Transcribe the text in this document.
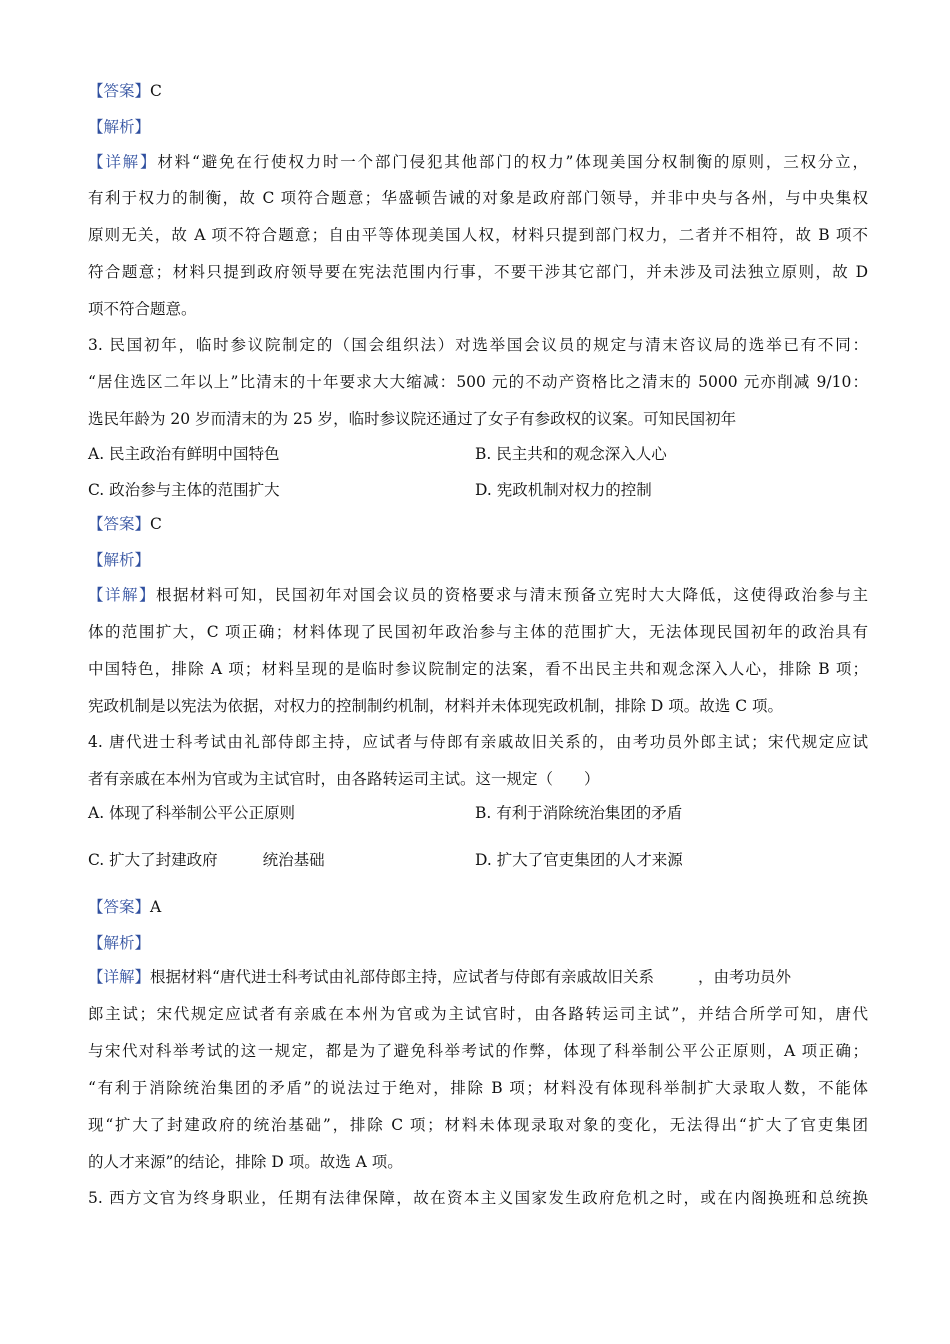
【答案】C
【解析】
【详解】材料“避免在行使权力时一个部门侵犯其他部门的权力”体现美国分权制衡的原则，三权分立，
有利于权力的制衡，故 C 项符合题意；华盛顿告诫的对象是政府部门领导，并非中央与各州，与中央集权
原则无关，故 A 项不符合题意；自由平等体现美国人权，材料只提到部门权力，二者并不相符，故 B 项不
符合题意；材料只提到政府领导要在宪法范围内行事，不要干涉其它部门，并未涉及司法独立原则，故 D
项不符合题意。
3. 民国初年，临时参议院制定的（国会组织法）对选举国会议员的规定与清末咨议局的选举已有不同：
“居住选区二年以上”比清末的十年要求大大缩减：500 元的不动产资格比之清末的 5000 元亦削减 9/10：
选民年龄为 20 岁而清末的为 25 岁，临时参议院还通过了女子有参政权的议案。可知民国初年
A. 民主政治有鲜明中国特色	B. 民主共和的观念深入人心
C. 政治参与主体的范围扩大	D. 宪政机制对权力的控制
【答案】C
【解析】
【详解】根据材料可知，民国初年对国会议员的资格要求与清末预备立宪时大大降低，这使得政治参与主
体的范围扩大，C 项正确；材料体现了民国初年政治参与主体的范围扩大，无法体现民国初年的政治具有
中国特色，排除 A 项；材料呈现的是临时参议院制定的法案，看不出民主共和观念深入人心，排除 B 项；
宪政机制是以宪法为依据，对权力的控制制约机制，材料并未体现宪政机制，排除 D 项。故选 C 项。
4. 唐代进士科考试由礼部侍郎主持，应试者与侍郎有亲戚故旧关系的，由考功员外郎主试；宋代规定应试
者有亲戚在本州为官或为主试官时，由各路转运司主试。这一规定（　　）
A. 体现了科举制公平公正原则	B. 有利于消除统治集团的矛盾
C. 扩大了封建政府	统治基础	D. 扩大了官吏集团的人才来源
【答案】A
【解析】
【详解】根据材料“唐代进士科考试由礼部侍郎主持，应试者与侍郎有亲戚故旧关系	，由考功员外
郎主试；宋代规定应试者有亲戚在本州为官或为主试官时，由各路转运司主试”，并结合所学可知，唐代
与宋代对科举考试的这一规定，都是为了避免科举考试的作弊，体现了科举制公平公正原则，A 项正确；
“有利于消除统治集团的矛盾”的说法过于绝对，排除 B 项；材料没有体现科举制扩大录取人数，不能体
现“扩大了封建政府的统治基础”，排除 C 项；材料未体现录取对象的变化，无法得出“扩大了官吏集团
的人才来源”的结论，排除 D 项。故选 A 项。
5. 西方文官为终身职业，任期有法律保障，故在资本主义国家发生政府危机之时，或在内阁换班和总统换
